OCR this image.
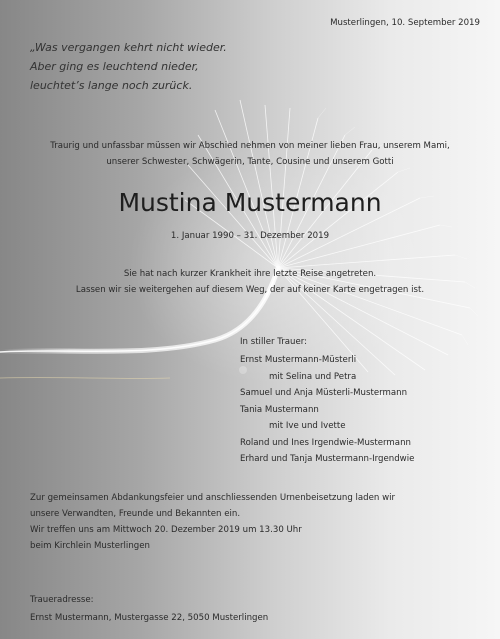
Musterlingen, 10. September 2019
„Was vergangen kehrt nicht wieder.
Aber ging es leuchtend nieder,
leuchtet’s lange noch zurück.
Traurig und unfassbar müssen wir Abschied nehmen von meiner lieben Frau, unserem Mami,
unserer Schwester, Schwägerin, Tante, Cousine und unserem Gotti
Mustina Mustermann
1. Januar 1990 – 31. Dezember 2019
Sie hat nach kurzer Krankheit ihre letzte Reise angetreten.
Lassen wir sie weitergehen auf diesem Weg, der auf keiner Karte engetragen ist.
In stiller Trauer:
Ernst Mustermann-Müsterli
mit Selina und Petra
Samuel und Anja Müsterli-Mustermann
Tania Mustermann
mit Ive und Ivette
Roland und Ines Irgendwie-Mustermann
Erhard und Tanja Mustermann-Irgendwie
Zur gemeinsamen Abdankungsfeier und anschliessenden Urnenbeisetzung laden wir
unsere Verwandten, Freunde und Bekannten ein.
Wir treffen uns am Mittwoch 20. Dezember 2019 um 13.30 Uhr
beim Kirchlein Musterlingen
Traueradresse:
Ernst Mustermann, Mustergasse 22, 5050 Musterlingen
